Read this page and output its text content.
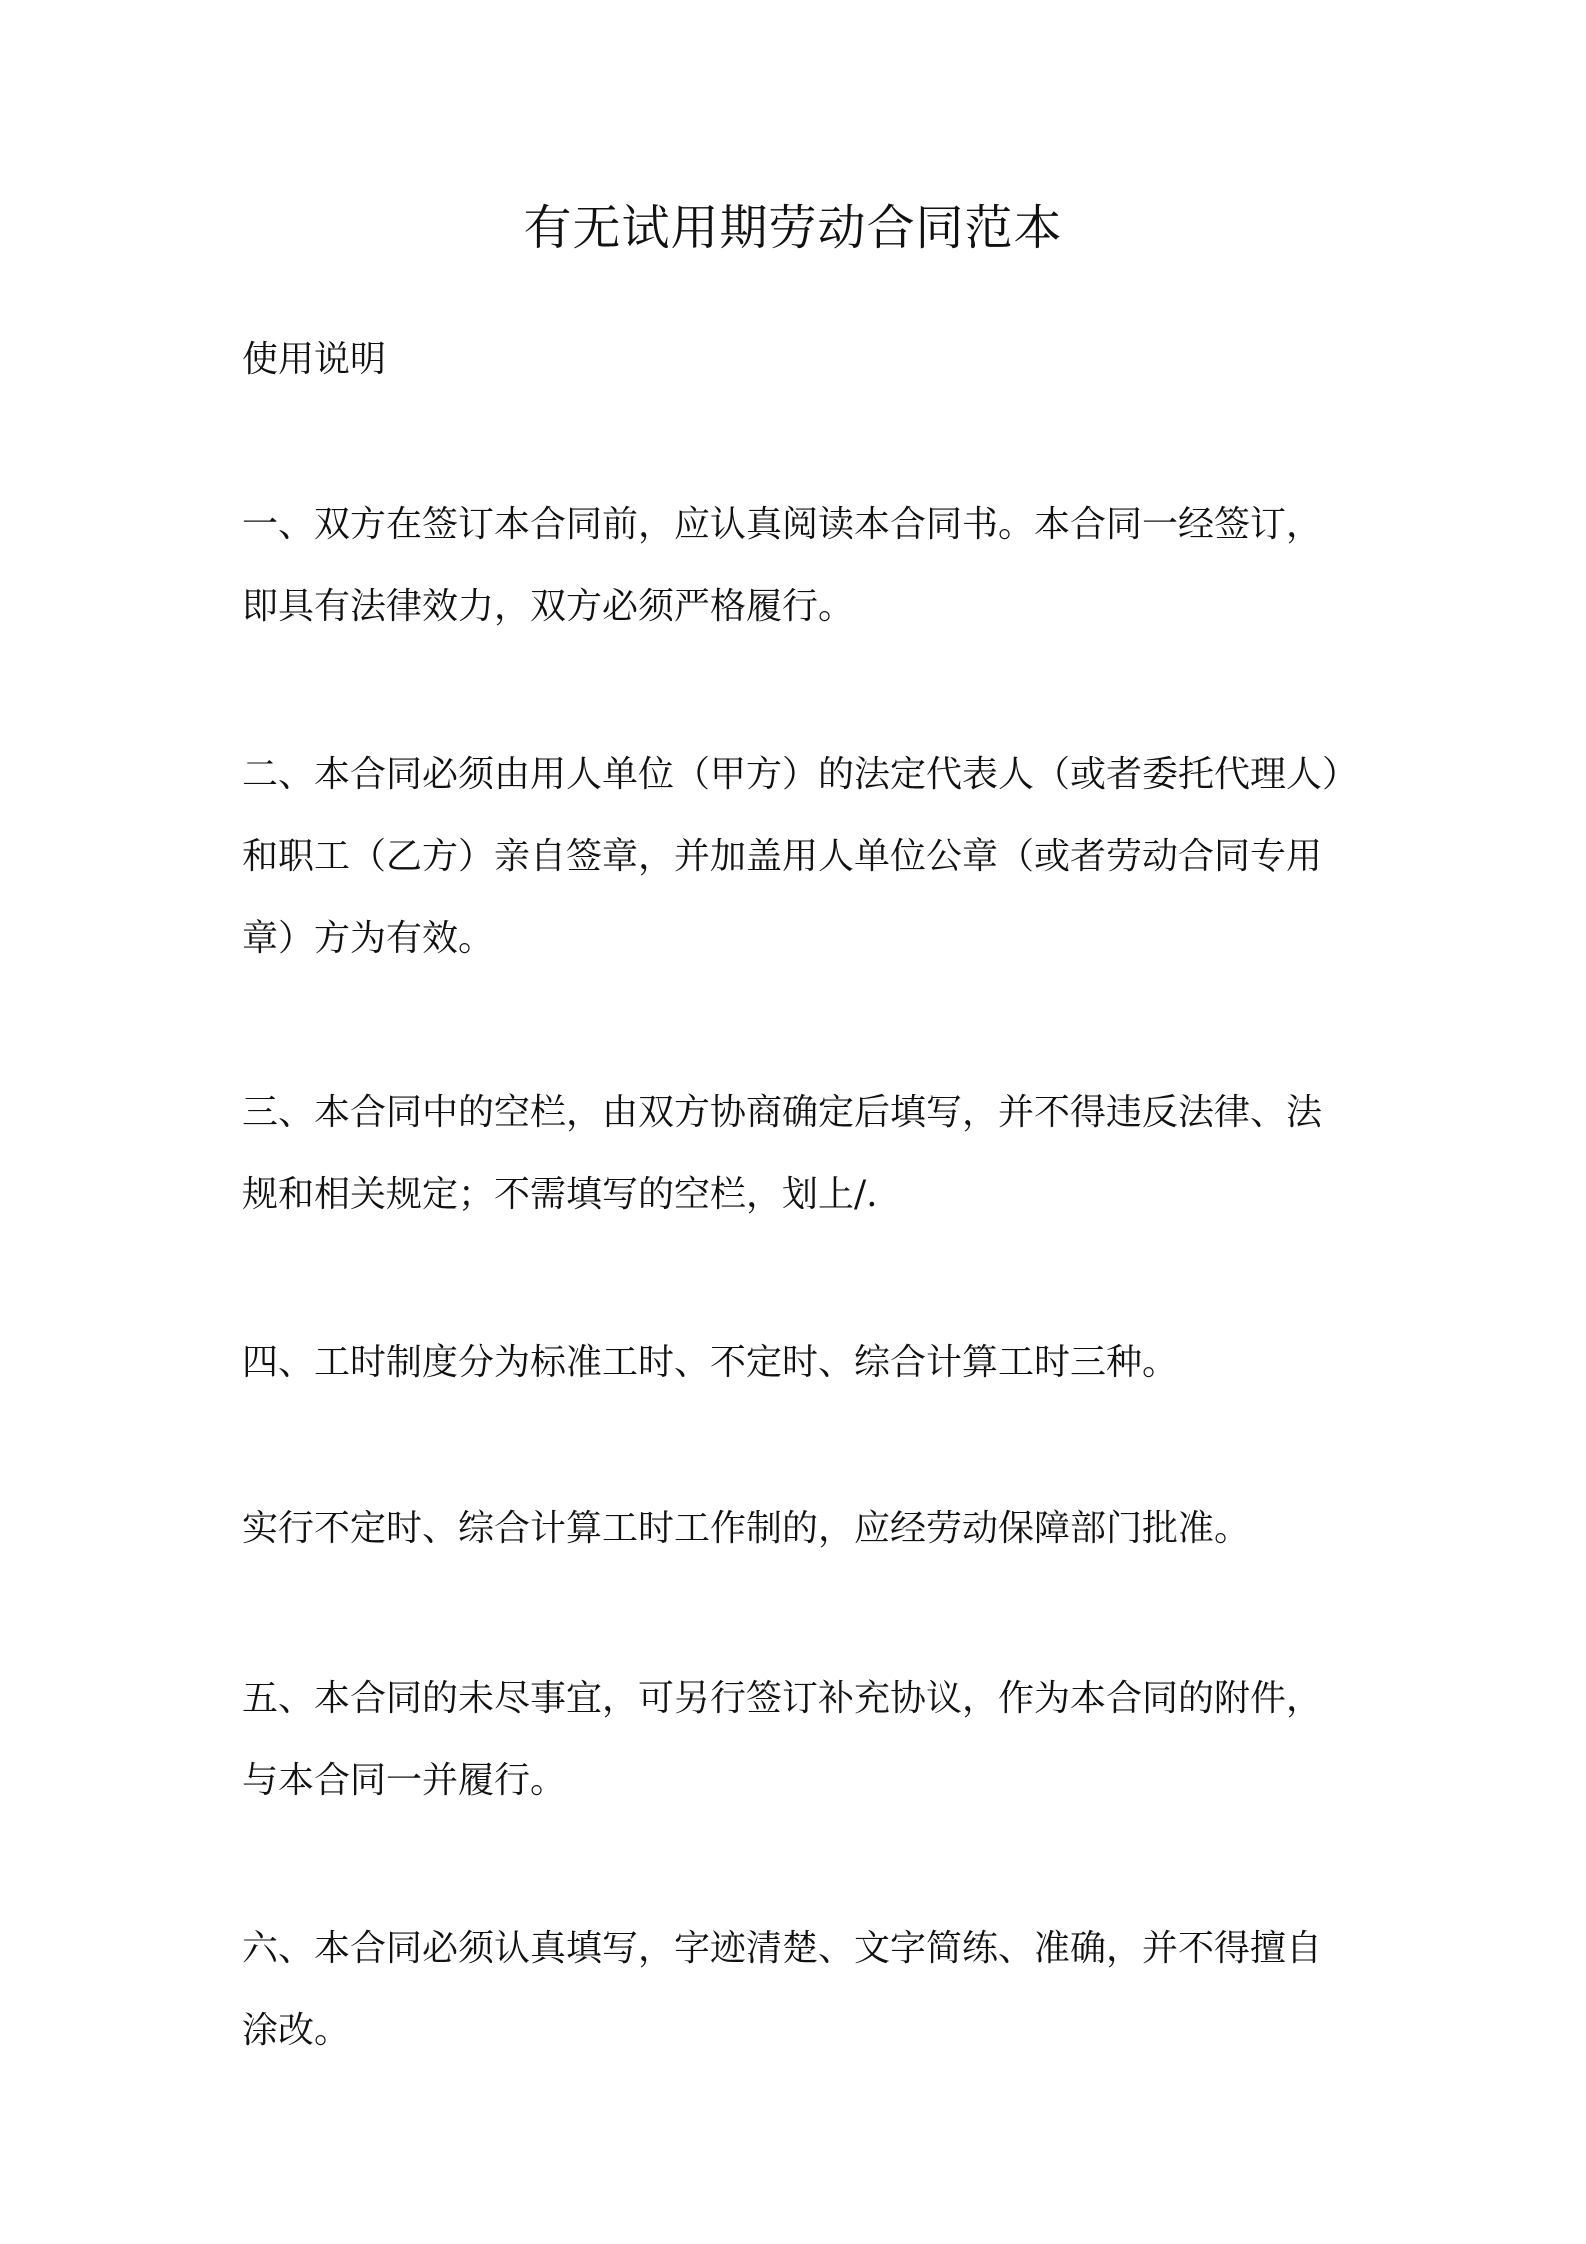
有无试用期劳动合同范本

使用说明

一、双方在签订本合同前，应认真阅读本合同书。本合同一经签订，
即具有法律效力，双方必须严格履行。

二、本合同必须由用人单位（甲方）的法定代表人（或者委托代理人）
和职工（乙方）亲自签章，并加盖用人单位公章（或者劳动合同专用
章）方为有效。

三、本合同中的空栏，由双方协商确定后填写，并不得违反法律、法
规和相关规定；不需填写的空栏，划上/.

四、工时制度分为标准工时、不定时、综合计算工时三种。

实行不定时、综合计算工时工作制的，应经劳动保障部门批准。

五、本合同的未尽事宜，可另行签订补充协议，作为本合同的附件，
与本合同一并履行。

六、本合同必须认真填写，字迹清楚、文字简练、准确，并不得擅自
涂改。
